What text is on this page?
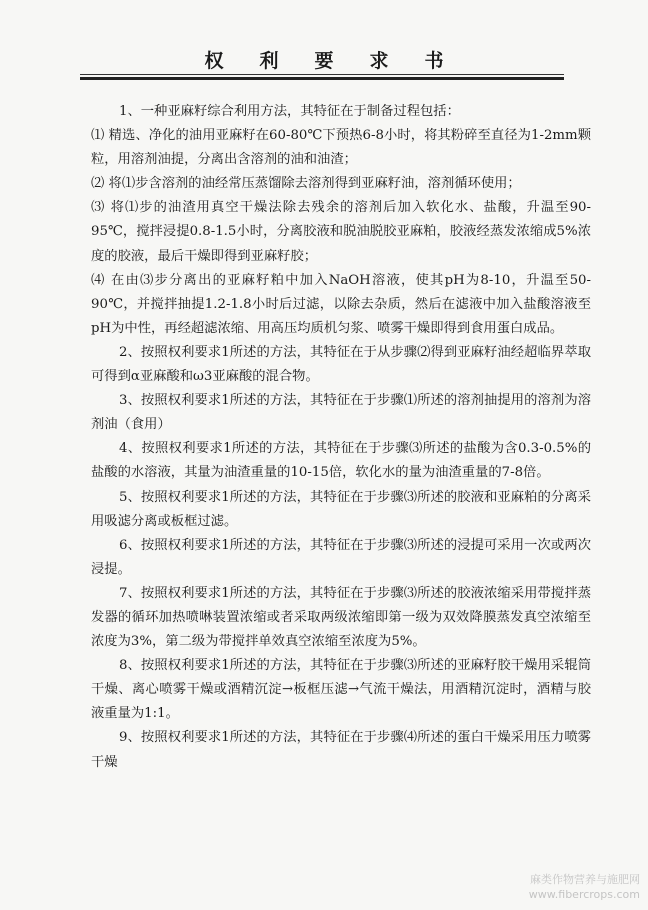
权利要求书

1、一种亚麻籽综合利用方法，其特征在于制备过程包括：

⑴ 精选、净化的油用亚麻籽在60-80℃下预热6-8小时，将其粉碎至直径为1-2mm颗粒，用溶剂油提，分离出含溶剂的油和油渣；

⑵ 将⑴步含溶剂的油经常压蒸馏除去溶剂得到亚麻籽油，溶剂循环使用；

⑶ 将⑴步的油渣用真空干燥法除去残余的溶剂后加入软化水、盐酸，升温至90-95℃，搅拌浸提0.8-1.5小时，分离胶液和脱油脱胶亚麻粕，胶液经蒸发浓缩成5%浓度的胶液，最后干燥即得到亚麻籽胶；

⑷ 在由⑶步分离出的亚麻籽粕中加入NaOH溶液，使其pH为8-10，升温至50-90℃，并搅拌抽提1.2-1.8小时后过滤，以除去杂质，然后在滤液中加入盐酸溶液至pH为中性，再经超滤浓缩、用高压均质机匀浆、喷雾干燥即得到食用蛋白成品。

2、按照权利要求1所述的方法，其特征在于从步骤⑵得到亚麻籽油经超临界萃取可得到α亚麻酸和ω3亚麻酸的混合物。

3、按照权利要求1所述的方法，其特征在于步骤⑴所述的溶剂抽提用的溶剂为溶剂油（食用）

4、按照权利要求1所述的方法，其特征在于步骤⑶所述的盐酸为含0.3-0.5%的盐酸的水溶液，其量为油渣重量的10-15倍，软化水的量为油渣重量的7-8倍。

5、按照权利要求1所述的方法，其特征在于步骤⑶所述的胶液和亚麻粕的分离采用吸滤分离或板框过滤。

6、按照权利要求1所述的方法，其特征在于步骤⑶所述的浸提可采用一次或两次浸提。

7、按照权利要求1所述的方法，其特征在于步骤⑶所述的胶液浓缩采用带搅拌蒸发器的循环加热喷啉装置浓缩或者采取两级浓缩即第一级为双效降膜蒸发真空浓缩至浓度为3%，第二级为带搅拌单效真空浓缩至浓度为5%。

8、按照权利要求1所述的方法，其特征在于步骤⑶所述的亚麻籽胶干燥用采辊筒干燥、离心喷雾干燥或酒精沉淀→板框压滤→气流干燥法，用酒精沉淀时，酒精与胶液重量为1:1。

9、按照权利要求1所述的方法，其特征在于步骤⑷所述的蛋白干燥采用压力喷雾干燥

麻类作物营养与施肥网
www.fibercrops.com
